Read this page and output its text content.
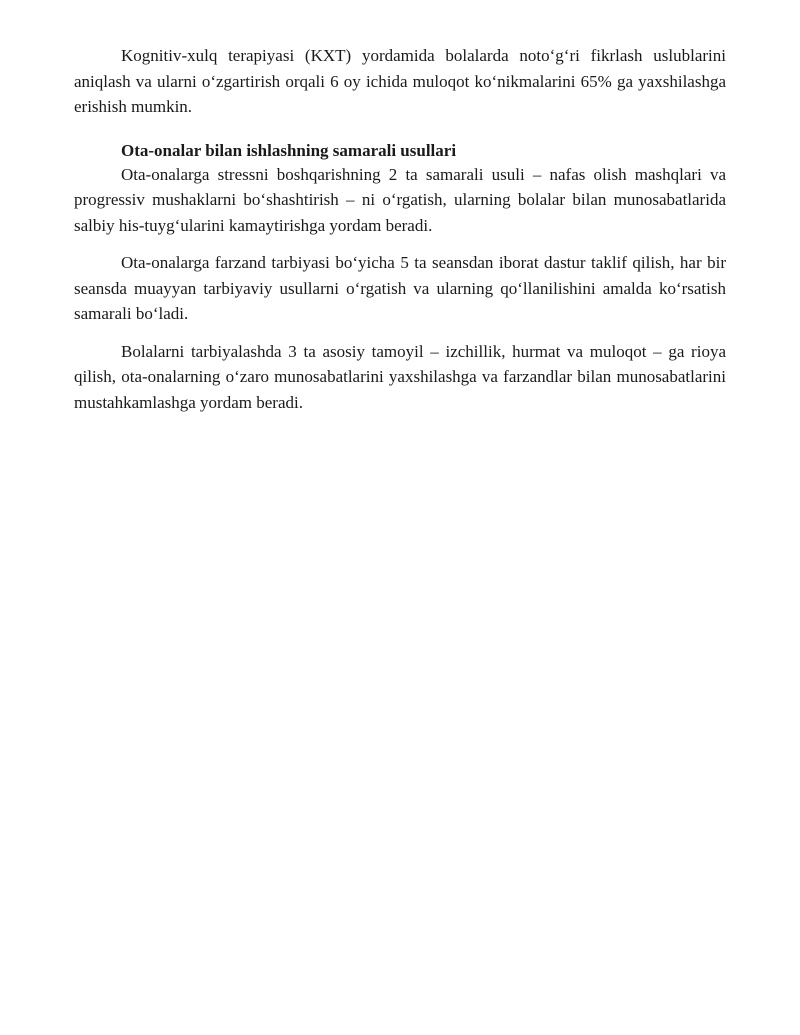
Kognitiv-xulq terapiyasi (KXT) yordamida bolalarda noto‘g‘ri fikrlash uslublarini aniqlash va ularni o‘zgartirish orqali 6 oy ichida muloqot ko‘nikmalarini 65% ga yaxshilashga erishish mumkin.

Ota-onalar bilan ishlashning samarali usullari

Ota-onalarga stressni boshqarishning 2 ta samarali usuli – nafas olish mashqlari va progressiv mushaklarni bo‘shashtirish – ni o‘rgatish, ularning bolalar bilan munosabatlarida salbiy his-tuyg‘ularini kamaytirishga yordam beradi.

Ota-onalarga farzand tarbiyasi bo‘yicha 5 ta seansdan iborat dastur taklif qilish, har bir seansda muayyan tarbiyaviy usullarni o‘rgatish va ularning qo‘llanilishini amalda ko‘rsatish samarali bo‘ladi.

Bolalarni tarbiyalashda 3 ta asosiy tamoyil – izchillik, hurmat va muloqot – ga rioya qilish, ota-onalarning o‘zaro munosabatlarini yaxshilashga va farzandlar bilan munosabatlarini mustahkamlashga yordam beradi.
